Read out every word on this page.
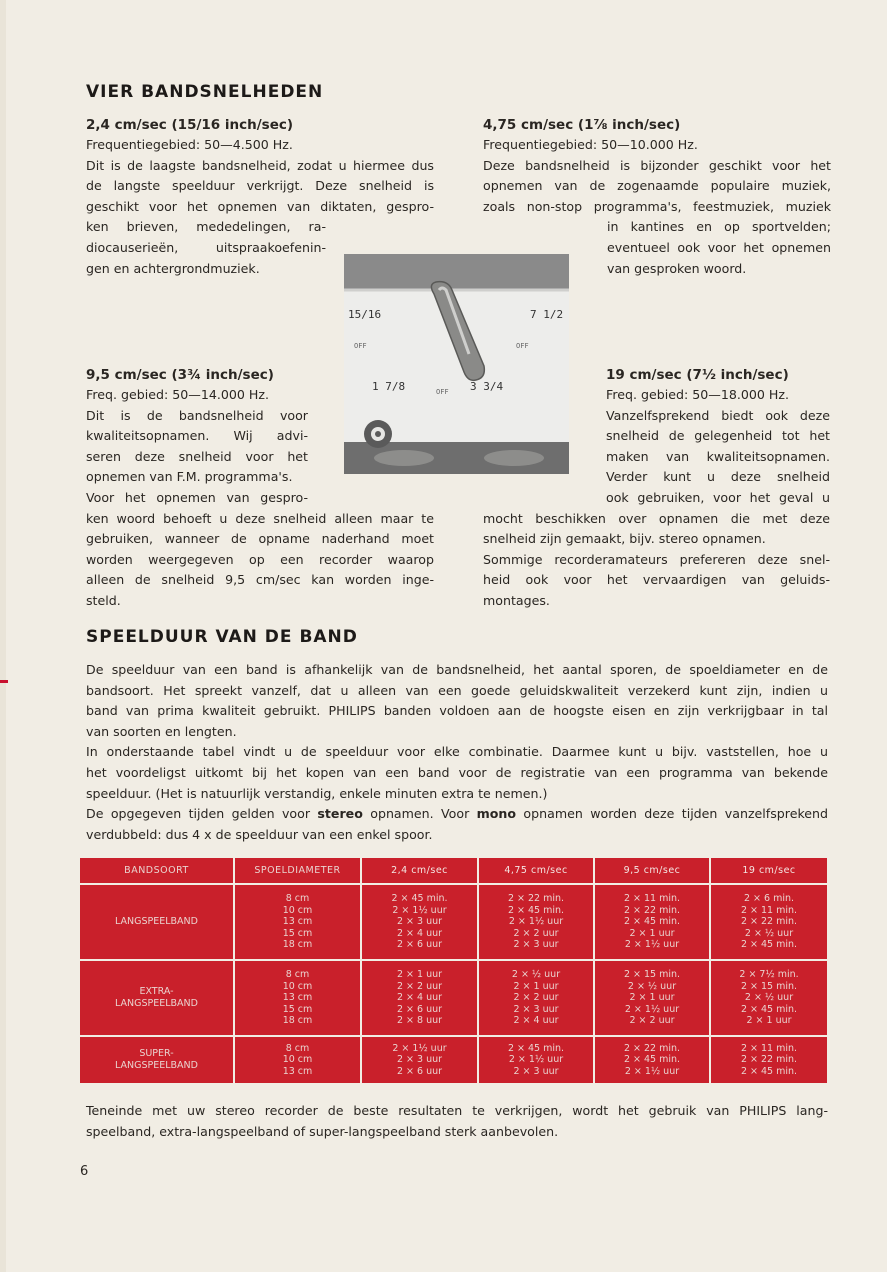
VIER BANDSNELHEDEN
2,4 cm/sec (15/16 inch/sec)
Frequentiegebied: 50—4.500 Hz.
Dit is de laagste bandsnelheid, zodat u hiermee dus
de langste speelduur verkrijgt. Deze snelheid is
geschikt voor het opnemen van diktaten, gespro-
ken brieven, mededelingen, ra-
diocauserieën, uitspraakoefenin-
gen en achtergrondmuziek.
4,75 cm/sec (1⅞ inch/sec)
Frequentiegebied: 50—10.000 Hz.
Deze bandsnelheid is bijzonder geschikt voor het
opnemen van de zogenaamde populaire muziek,
zoals non-stop programma's, feestmuziek, muziek
in kantines en op sportvelden;
eventueel ook voor het opnemen
van gesproken woord.
15/16	7 1/2
OFF	OFF
1 7/8	3 3/4
OFF
9,5 cm/sec (3¾ inch/sec)
Freq. gebied: 50—14.000 Hz.
Dit is de bandsnelheid voor
kwaliteitsopnamen. Wij advi-
seren deze snelheid voor het
opnemen van F.M. programma's.
Voor het opnemen van gespro-
ken woord behoeft u deze snelheid alleen maar te
gebruiken, wanneer de opname naderhand moet
worden weergegeven op een recorder waarop
alleen de snelheid 9,5 cm/sec kan worden inge-
steld.
19 cm/sec (7½ inch/sec)
Freq. gebied: 50—18.000 Hz.
Vanzelfsprekend biedt ook deze
snelheid de gelegenheid tot het
maken van kwaliteitsopnamen.
Verder kunt u deze snelheid
ook gebruiken, voor het geval u
mocht beschikken over opnamen die met deze
snelheid zijn gemaakt, bijv. stereo opnamen.
Sommige recorderamateurs prefereren deze snel-
heid ook voor het vervaardigen van geluids-
montages.
SPEELDUUR VAN DE BAND
De speelduur van een band is afhankelijk van de bandsnelheid, het aantal sporen, de spoeldiameter en de
bandsoort. Het spreekt vanzelf, dat u alleen van een goede geluidskwaliteit verzekerd kunt zijn, indien u
band van prima kwaliteit gebruikt. PHILIPS banden voldoen aan de hoogste eisen en zijn verkrijgbaar in tal
van soorten en lengten.
In onderstaande tabel vindt u de speelduur voor elke combinatie. Daarmee kunt u bijv. vaststellen, hoe u
het voordeligst uitkomt bij het kopen van een band voor de registratie van een programma van bekende
speelduur. (Het is natuurlijk verstandig, enkele minuten extra te nemen.)
De opgegeven tijden gelden voor stereo opnamen. Voor mono opnamen worden deze tijden vanzelfsprekend
verdubbeld: dus 4 x de speelduur van een enkel spoor.
BANDSOORT	SPOELDIAMETER	2,4 cm/sec	4,75 cm/sec	9,5 cm/sec	19 cm/sec
LANGSPEELBAND	8 cm
10 cm
13 cm
15 cm
18 cm	2 × 45 min.
2 × 1½ uur
2 × 3 uur
2 × 4 uur
2 × 6 uur	2 × 22 min.
2 × 45 min.
2 × 1½ uur
2 × 2 uur
2 × 3 uur	2 × 11 min.
2 × 22 min.
2 × 45 min.
2 × 1 uur
2 × 1½ uur	2 × 6 min.
2 × 11 min.
2 × 22 min.
2 × ½ uur
2 × 45 min.
EXTRA-
LANGSPEELBAND	8 cm
10 cm
13 cm
15 cm
18 cm	2 × 1 uur
2 × 2 uur
2 × 4 uur
2 × 6 uur
2 × 8 uur	2 × ½ uur
2 × 1 uur
2 × 2 uur
2 × 3 uur
2 × 4 uur	2 × 15 min.
2 × ½ uur
2 × 1 uur
2 × 1½ uur
2 × 2 uur	2 × 7½ min.
2 × 15 min.
2 × ½ uur
2 × 45 min.
2 × 1 uur
SUPER-
LANGSPEELBAND	8 cm
10 cm
13 cm	2 × 1½ uur
2 × 3 uur
2 × 6 uur	2 × 45 min.
2 × 1½ uur
2 × 3 uur	2 × 22 min.
2 × 45 min.
2 × 1½ uur	2 × 11 min.
2 × 22 min.
2 × 45 min.
Teneinde met uw stereo recorder de beste resultaten te verkrijgen, wordt het gebruik van PHILIPS lang-
speelband, extra-langspeelband of super-langspeelband sterk aanbevolen.

6
